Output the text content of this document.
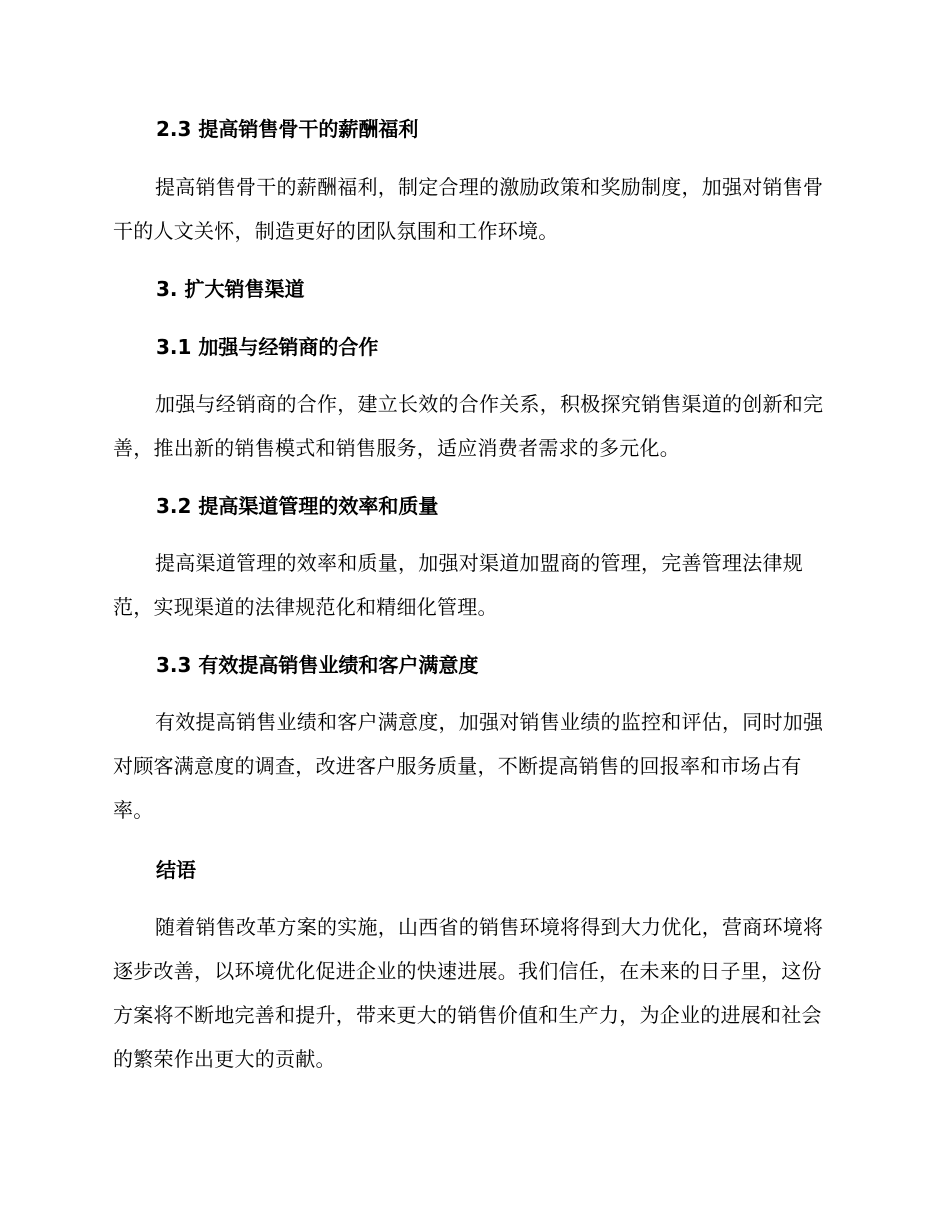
2.3 提高销售骨干的薪酬福利

提高销售骨干的薪酬福利，制定合理的激励政策和奖励制度，加强对销售骨干的人文关怀，制造更好的团队氛围和工作环境。

3. 扩大销售渠道
3.1 加强与经销商的合作

加强与经销商的合作，建立长效的合作关系，积极探究销售渠道的创新和完善，推出新的销售模式和销售服务，适应消费者需求的多元化。

3.2 提高渠道管理的效率和质量

提高渠道管理的效率和质量，加强对渠道加盟商的管理，完善管理法律规范，实现渠道的法律规范化和精细化管理。

3.3 有效提高销售业绩和客户满意度

有效提高销售业绩和客户满意度，加强对销售业绩的监控和评估，同时加强对顾客满意度的调查，改进客户服务质量，不断提高销售的回报率和市场占有率。

结语

随着销售改革方案的实施，山西省的销售环境将得到大力优化，营商环境将逐步改善，以环境优化促进企业的快速进展。我们信任，在未来的日子里，这份方案将不断地完善和提升，带来更大的销售价值和生产力，为企业的进展和社会的繁荣作出更大的贡献。
